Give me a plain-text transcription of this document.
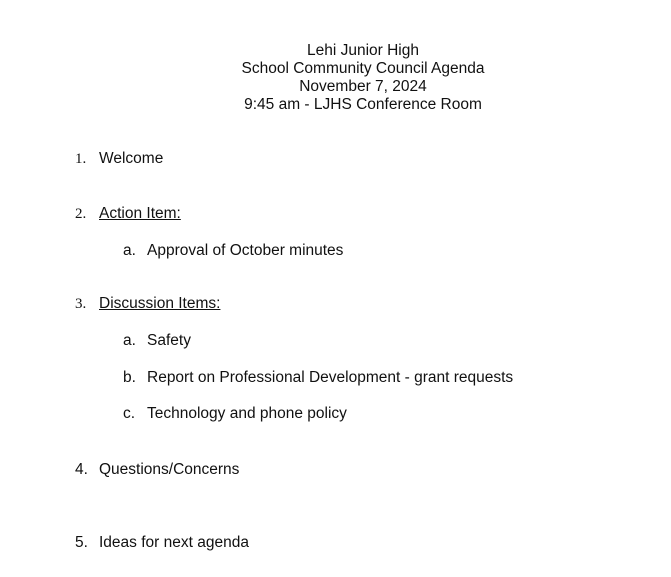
Lehi Junior High
School Community Council Agenda
November 7, 2024
9:45 am - LJHS Conference Room
1. Welcome
2. Action Item:
a. Approval of October minutes
3. Discussion Items:
a. Safety
b. Report on Professional Development - grant requests
c. Technology and phone policy
4. Questions/Concerns
5. Ideas for next agenda
